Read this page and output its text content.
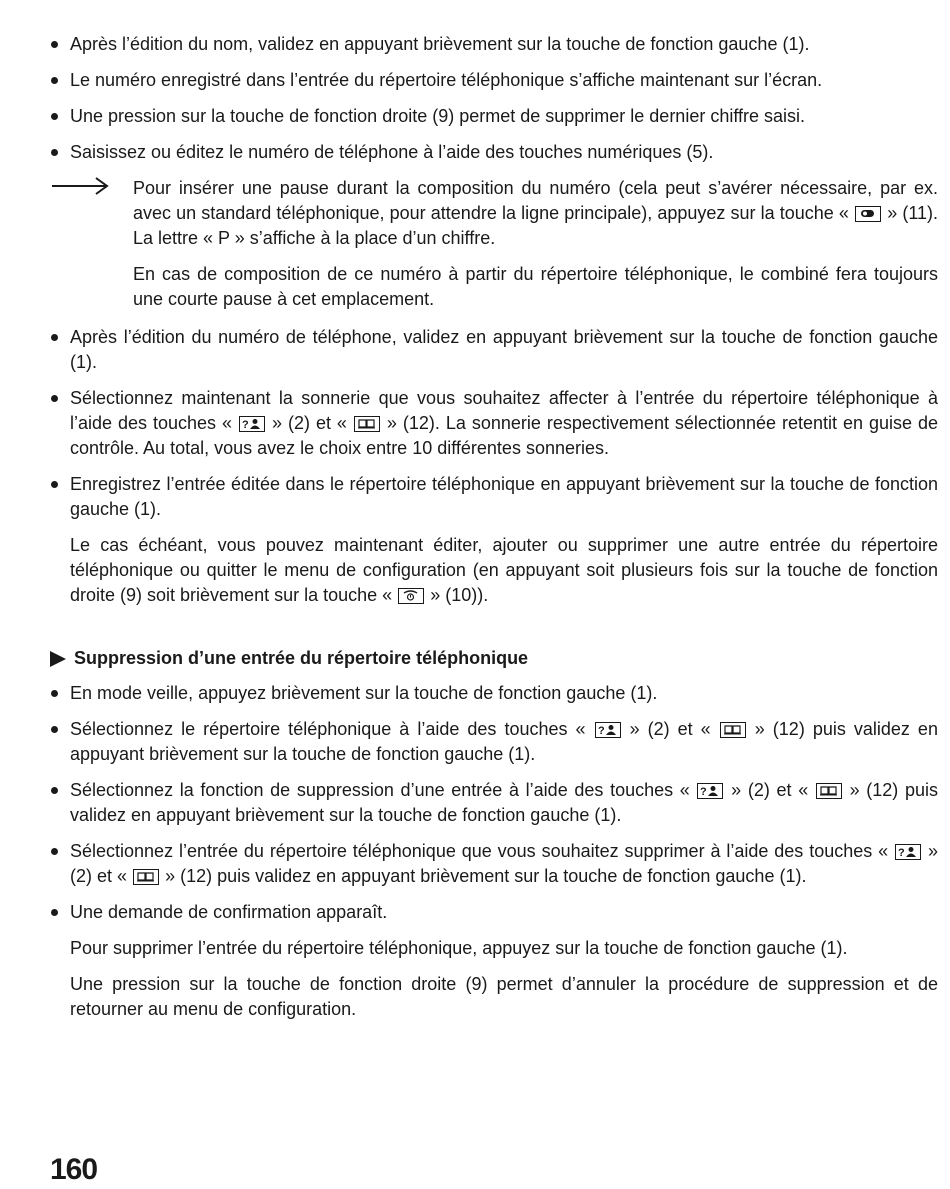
Après l’édition du nom, validez en appuyant brièvement sur la touche de fonction gauche (1).
Le numéro enregistré dans l’entrée du répertoire téléphonique s’affiche maintenant sur l’écran.
Une pression sur la touche de fonction droite (9) permet de supprimer le dernier chiffre saisi.
Saisissez ou éditez le numéro de téléphone à l’aide des touches numériques (5).

Pour insérer une pause durant la composition du numéro (cela peut s’avérer nécessaire, par ex. avec un standard téléphonique, pour attendre la ligne principale), appuyez sur la touche « » (11). La lettre « P » s’affiche à la place d’un chiffre.

En cas de composition de ce numéro à partir du répertoire téléphonique, le combiné fera toujours une courte pause à cet emplacement.

Après l’édition du numéro de téléphone, validez en appuyant brièvement sur la touche de fonction gauche (1).
Sélectionnez maintenant la sonnerie que vous souhaitez affecter à l’entrée du répertoire téléphonique à l’aide des touches « ? » (2) et « » (12). La sonnerie respectivement sélectionnée retentit en guise de contrôle. Au total, vous avez le choix entre 10 différentes sonneries.
Enregistrez l’entrée éditée dans le répertoire téléphonique en appuyant brièvement sur la touche de fonction gauche (1).
Le cas échéant, vous pouvez maintenant éditer, ajouter ou supprimer une autre entrée du répertoire téléphonique ou quitter le menu de configuration (en appuyant soit plusieurs fois sur la touche de fonction droite (9) soit brièvement sur la touche « » (10)).
Suppression d’une entrée du répertoire téléphonique
En mode veille, appuyez brièvement sur la touche de fonction gauche (1).
Sélectionnez le répertoire téléphonique à l’aide des touches « ? » (2) et « » (12) puis validez en appuyant brièvement sur la touche de fonction gauche (1).
Sélectionnez la fonction de suppression d’une entrée à l’aide des touches « ? » (2) et « » (12) puis validez en appuyant brièvement sur la touche de fonction gauche (1).
Sélectionnez l’entrée du répertoire téléphonique que vous souhaitez supprimer à l’aide des touches « ? » (2) et « » (12) puis validez en appuyant brièvement sur la touche de fonction gauche (1).
Une demande de confirmation apparaît.
Pour supprimer l’entrée du répertoire téléphonique, appuyez sur la touche de fonction gauche (1).
Une pression sur la touche de fonction droite (9) permet d’annuler la procédure de suppression et de retourner au menu de configuration.
160
